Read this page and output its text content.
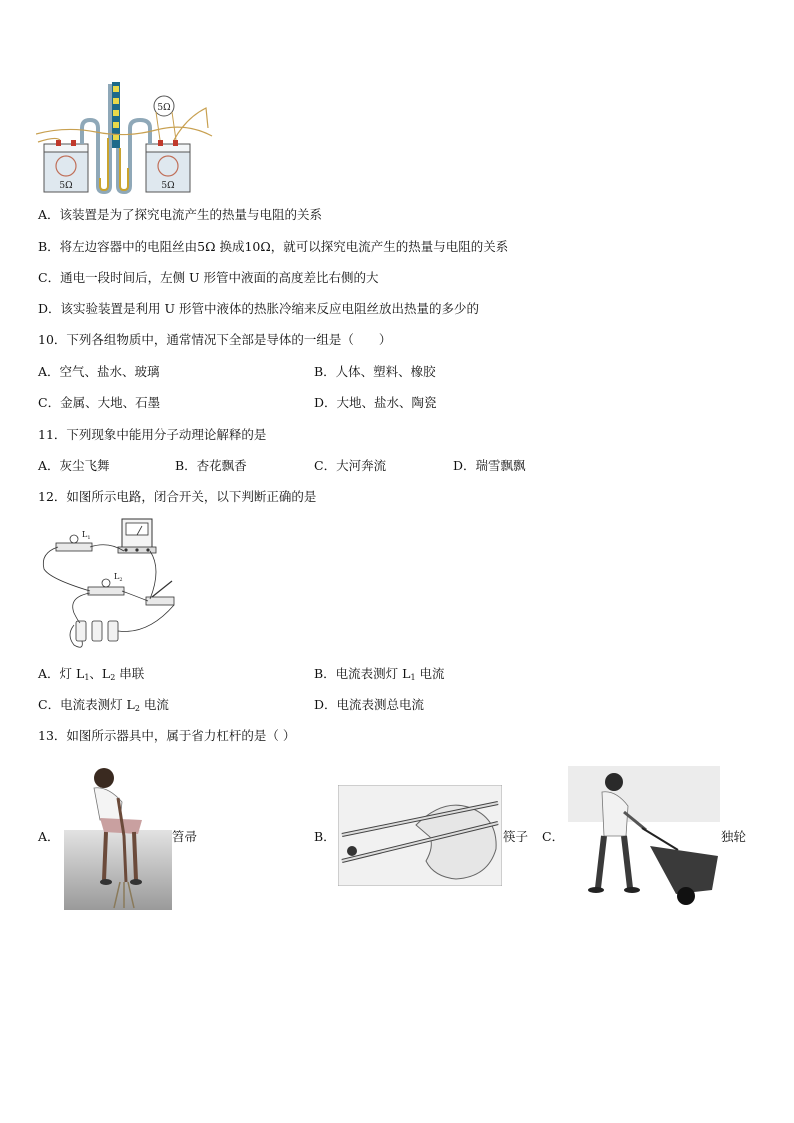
5Ω
5Ω	5Ω
A．该装置是为了探究电流产生的热量与电阻的关系
B．将左边容器中的电阻丝由5Ω 换成10Ω，就可以探究电流产生的热量与电阻的关系
C．通电一段时间后，左侧 U 形管中液面的高度差比右侧的大
D．该实验装置是利用 U 形管中液体的热胀冷缩来反应电阻丝放出热量的多少的
10．下列各组物质中，通常情况下全部是导体的一组是（　　）
A．空气、盐水、玻璃	B．人体、塑料、橡胶
C．金属、大地、石墨	D．大地、盐水、陶瓷
11．下列现象中能用分子动理论解释的是
A．灰尘飞舞	B．杏花飘香	C．大河奔流	D．瑞雪飘飘
12．如图所示电路，闭合开关，以下判断正确的是
$L_1$
$L_2$
A．灯 $L_1$、$L_2$ 串联	B．电流表测灯 $L_1$ 电流
C．电流表测灯 $L_2$ 电流	D．电流表测总电流
13．如图所示器具中，属于省力杠杆的是（ ）
A．	笤帚	B．	筷子 C．	独轮
